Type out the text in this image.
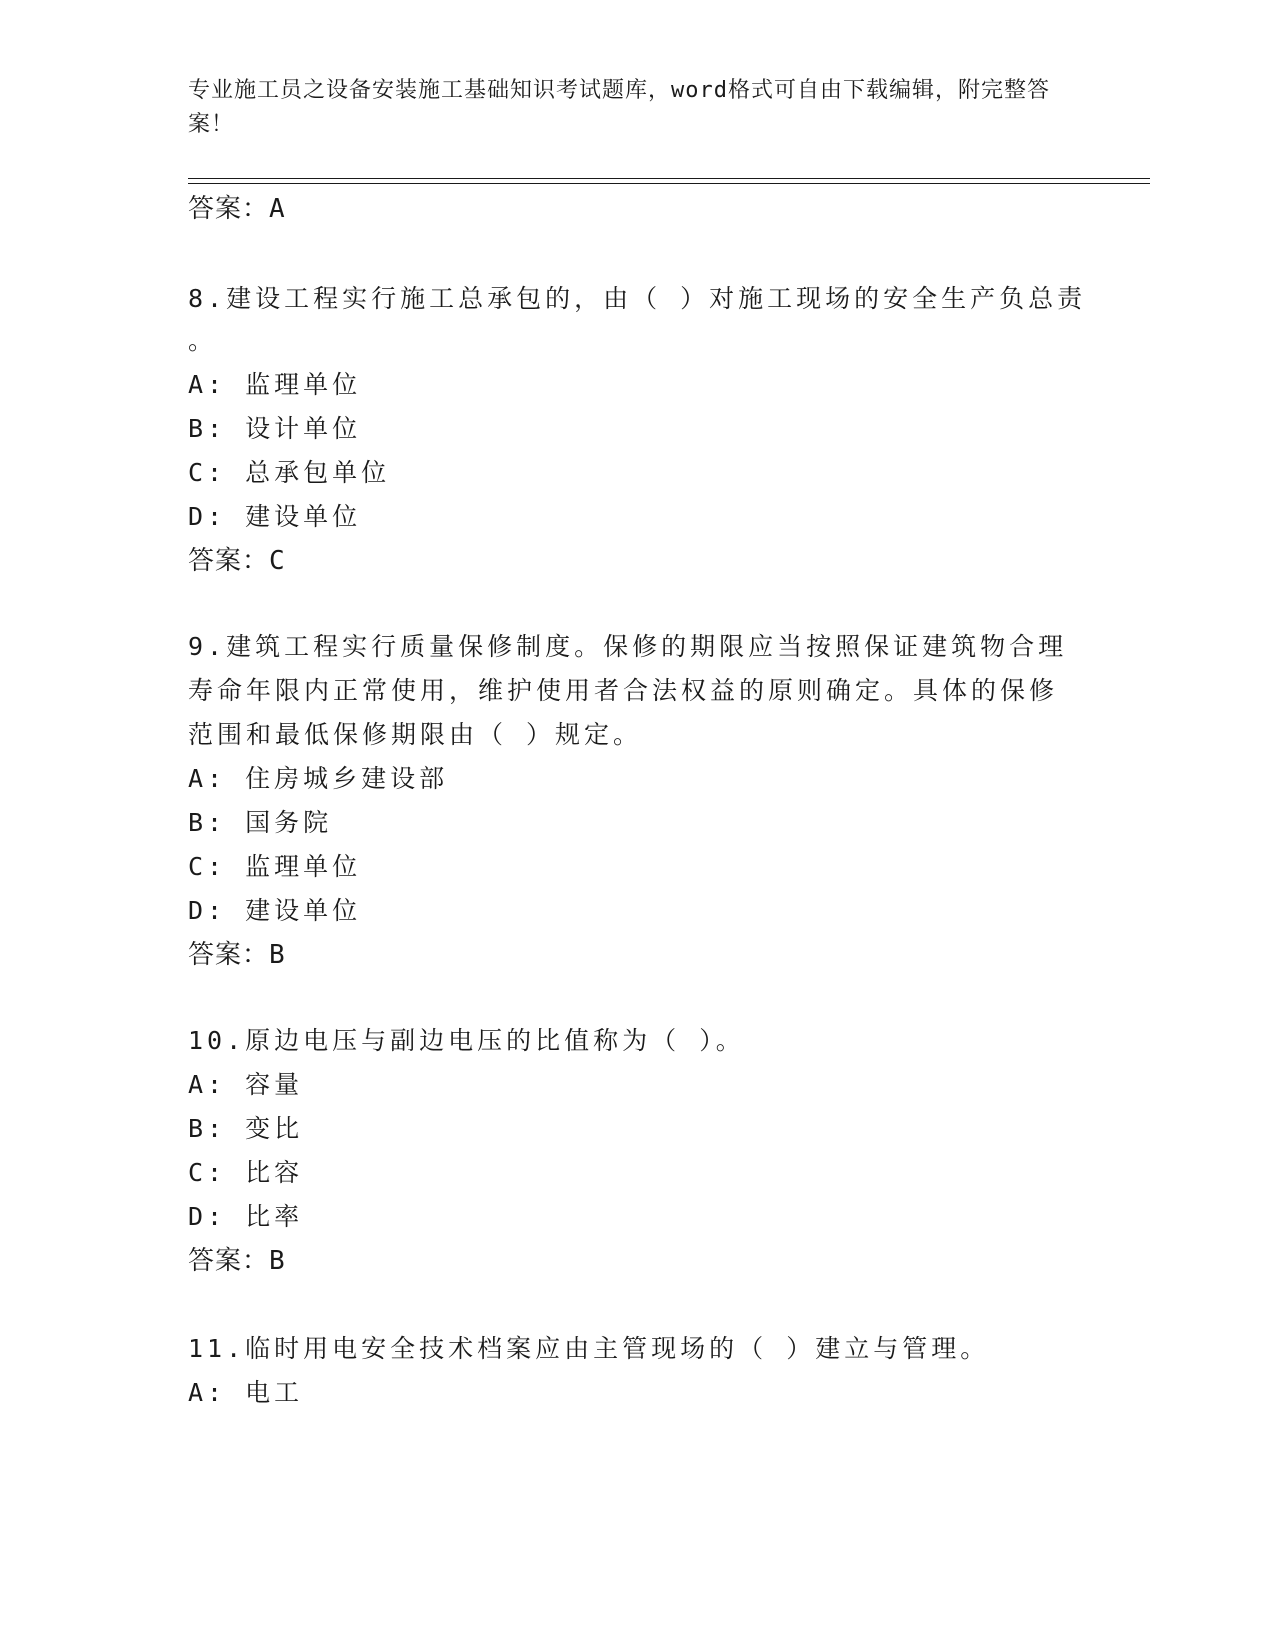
专业施工员之设备安装施工基础知识考试题库，word格式可自由下载编辑，附完整答案！
答案：A
8.建设工程实行施工总承包的，由（ ）对施工现场的安全生产负总责
。
A: 监理单位
B: 设计单位
C: 总承包单位
D: 建设单位
答案：C
9.建筑工程实行质量保修制度。保修的期限应当按照保证建筑物合理
寿命年限内正常使用，维护使用者合法权益的原则确定。具体的保修
范围和最低保修期限由（ ）规定。
A: 住房城乡建设部
B: 国务院
C: 监理单位
D: 建设单位
答案：B
10.原边电压与副边电压的比值称为（ ）。
A: 容量
B: 变比
C: 比容
D: 比率
答案：B
11.临时用电安全技术档案应由主管现场的（ ）建立与管理。
A: 电工
